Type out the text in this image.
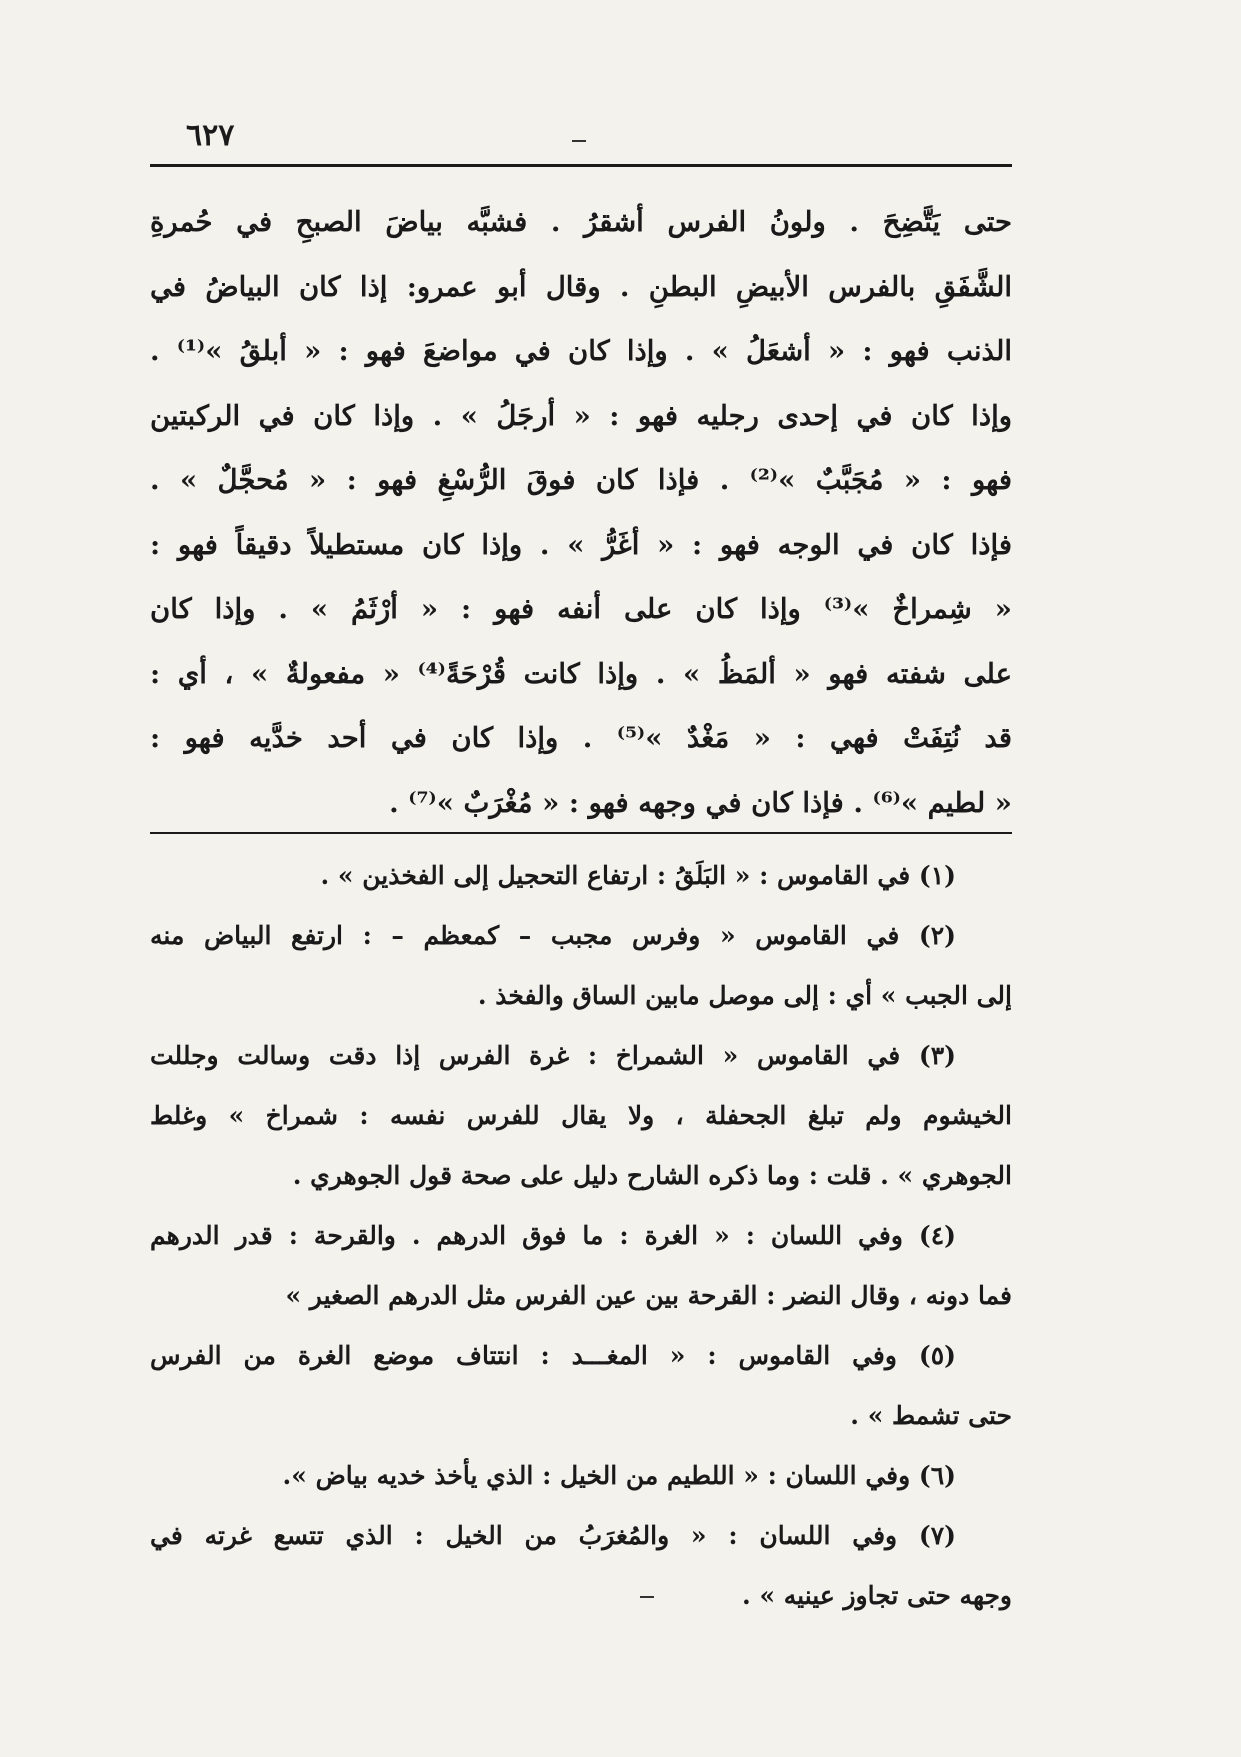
٦٢٧
حتى يَتَّضِحَ . ولونُ الفرس أشقرُ . فشبَّه بياضَ الصبحِ في حُمرةِ
الشَّفَقِ بالفرس الأبيضِ البطنِ . وقال أبو عمرو: إذا كان البياضُ في
الذنب فهو : « أشعَلُ » . وإذا كان في مواضعَ فهو : « أبلقُ »⁽¹⁾ .
وإذا كان في إحدى رجليه فهو : « أرجَلُ » . وإذا كان في الركبتين
فهو : « مُجَبَّبٌ »⁽²⁾ . فإذا كان فوقَ الرُّسْغِ فهو : « مُحجَّلٌ » .
فإذا كان في الوجه فهو : « أغَرُّ » . وإذا كان مستطيلاً دقيقاً فهو :
« شِمراخٌ »⁽³⁾ وإذا كان على أنفه فهو : « أرْثَمُ » . وإذا كان
على شفته فهو « ألمَظُ » . وإذا كانت قُرْحَةً⁽⁴⁾ « مفعولةٌ » ، أي :
قد نُتِفَتْ فهي : « مَغْدٌ »⁽⁵⁾ . وإذا كان في أحد خدَّيه فهو :
« لطيم »⁽⁶⁾ . فإذا كان في وجهه فهو : « مُغْرَبٌ »⁽⁷⁾ .
(١) في القاموس : « البَلَقُ : ارتفاع التحجيل إلى الفخذين » .
(٢) في القاموس « وفرس مجبب – كمعظم – : ارتفع البياض منه
إلى الجبب » أي : إلى موصل مابين الساق والفخذ .
(٣) في القاموس « الشمراخ : غرة الفرس إذا دقت وسالت وجللت
الخيشوم ولم تبلغ الجحفلة ، ولا يقال للفرس نفسه : شمراخ » وغلط
الجوهري » . قلت : وما ذكره الشارح دليل على صحة قول الجوهري .
(٤) وفي اللسان : « الغرة : ما فوق الدرهم . والقرحة : قدر الدرهم
فما دونه ، وقال النضر : القرحة بين عين الفرس مثل الدرهم الصغير »
(٥) وفي القاموس : « المغـــد : انتتاف موضع الغرة من الفرس
حتى تشمط » .
(٦) وفي اللسان : « اللطيم من الخيل : الذي يأخذ خديه بياض ».
(٧) وفي اللسان : « والمُغرَبُ من الخيل : الذي تتسع غرته في
وجهه حتى تجاوز عينيه » .
